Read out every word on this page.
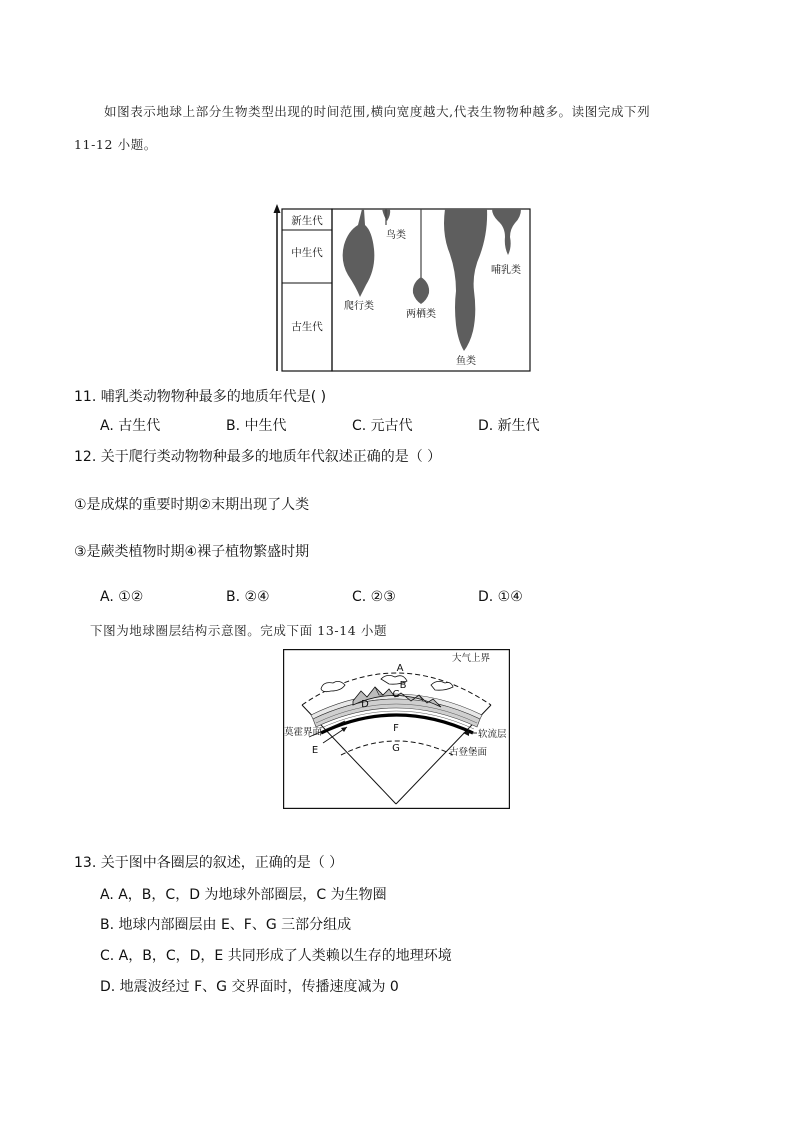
如图表示地球上部分生物类型出现的时间范围,横向宽度越大,代表生物物种越多。读图完成下列
11-12 小题。
新生代
中生代
古生代
鸟类
爬行类
两栖类
鱼类
哺乳类
11. 哺乳类动物物种最多的地质年代是( )
A. 古生代	B. 中生代	C. 元古代	D. 新生代
12. 关于爬行类动物物种最多的地质年代叙述正确的是（ ）
①是成煤的重要时期②末期出现了人类
③是蕨类植物时期④裸子植物繁盛时期
A. ①②	B. ②④	C. ②③	D. ①④
下图为地球圈层结构示意图。完成下面 13-14 小题
大气上界
A
B
C
D
莫霍界面
E
F
G
软流层
古登堡面
13. 关于图中各圈层的叙述，正确的是（ ）
A. A，B，C，D 为地球外部圈层，C 为生物圈
B. 地球内部圈层由 E、F、G 三部分组成
C. A，B，C，D，E 共同形成了人类赖以生存的地理环境
D. 地震波经过 F、G 交界面时，传播速度减为 0
